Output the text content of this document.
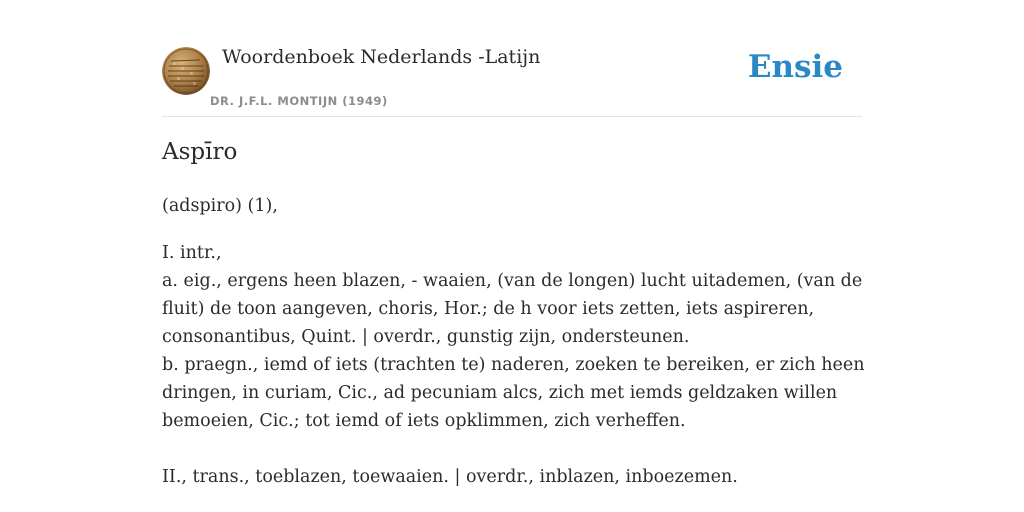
Woordenboek Nederlands -Latijn
DR. J.F.L. MONTIJN (1949)
Ensie
Aspīro
(adspiro) (1),
I. intr.,
a. eig., ergens heen blazen, - waaien, (van de longen) lucht uitademen, (van de
fluit) de toon aangeven, choris, Hor.; de h voor iets zetten, iets aspireren,
consonantibus, Quint. | overdr., gunstig zijn, ondersteunen.
b. praegn., iemd of iets (trachten te) naderen, zoeken te bereiken, er zich heen
dringen, in curiam, Cic., ad pecuniam alcs, zich met iemds geldzaken willen
bemoeien, Cic.; tot iemd of iets opklimmen, zich verheffen.
II., trans., toeblazen, toewaaien. | overdr., inblazen, inboezemen.
